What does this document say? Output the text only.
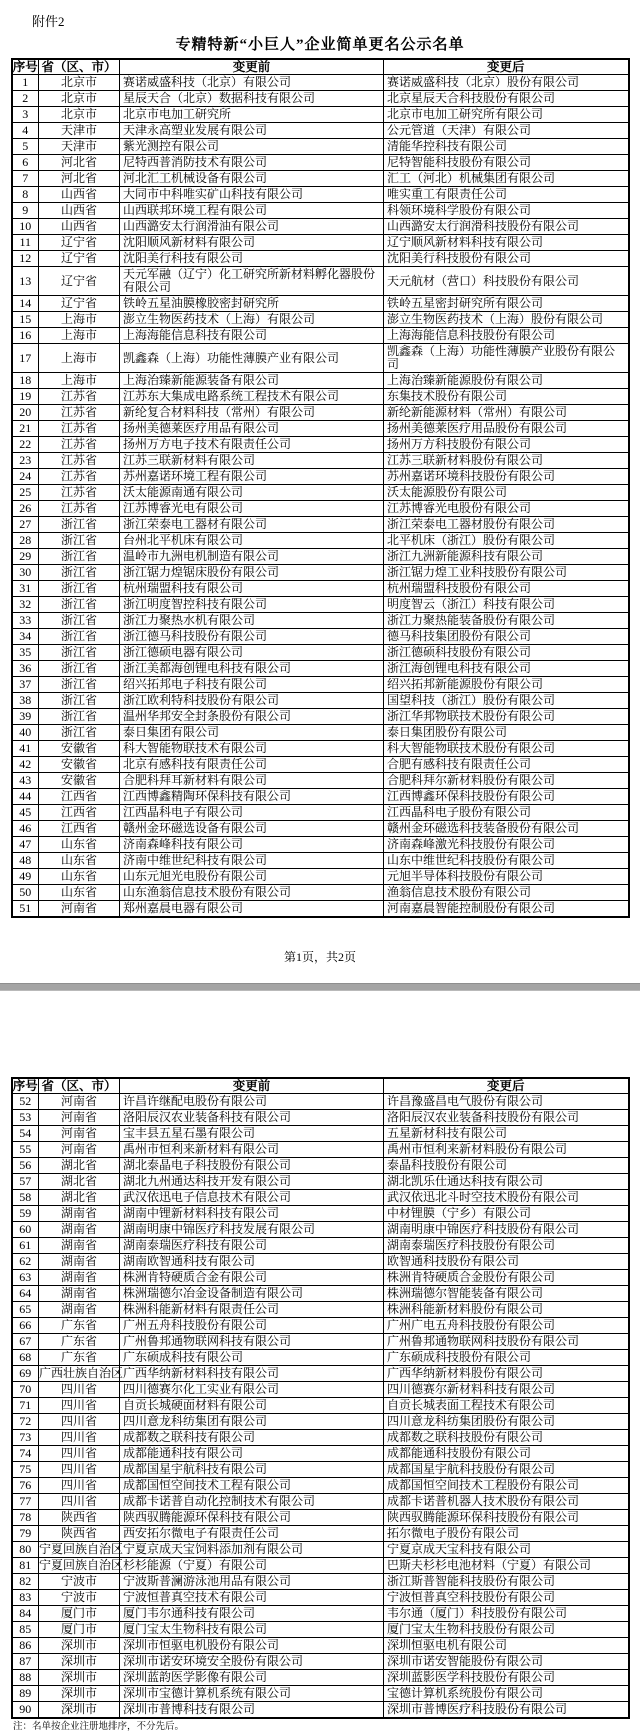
附件2
专精特新“小巨人”企业简单更名公示名单
序号	省（区、市）	变更前	变更后
1	北京市	赛诺威盛科技（北京）有限公司	赛诺威盛科技（北京）股份有限公司
2	北京市	星辰天合（北京）数据科技有限公司	北京星辰天合科技股份有限公司
3	北京市	北京市电加工研究所	北京市电加工研究所有限公司
4	天津市	天津永高塑业发展有限公司	公元管道（天津）有限公司
5	天津市	紫光测控有限公司	清能华控科技有限公司
6	河北省	尼特西普消防技术有限公司	尼特智能科技股份有限公司
7	河北省	河北汇工机械设备有限公司	汇工（河北）机械集团有限公司
8	山西省	大同市中科唯实矿山科技有限公司	唯实重工有限责任公司
9	山西省	山西联邦环境工程有限公司	科领环境科学股份有限公司
10	山西省	山西潞安太行润滑油有限公司	山西潞安太行润滑科技股份有限公司
11	辽宁省	沈阳顺风新材料有限公司	辽宁顺风新材料科技有限公司
12	辽宁省	沈阳美行科技有限公司	沈阳美行科技股份有限公司
13	辽宁省	天元军融（辽宁）化工研究所新材料孵化器股份有限公司	天元航材（营口）科技股份有限公司
14	辽宁省	铁岭五星油膜橡胶密封研究所	铁岭五星密封研究所有限公司
15	上海市	澎立生物医药技术（上海）有限公司	澎立生物医药技术（上海）股份有限公司
16	上海市	上海海能信息科技有限公司	上海海能信息科技股份有限公司
17	上海市	凯鑫森（上海）功能性薄膜产业有限公司	凯鑫森（上海）功能性薄膜产业股份有限公司
18	上海市	上海治臻新能源装备有限公司	上海治臻新能源股份有限公司
19	江苏省	江苏东大集成电路系统工程技术有限公司	东集技术股份有限公司
20	江苏省	新纶复合材料科技（常州）有限公司	新纶新能源材料（常州）有限公司
21	江苏省	扬州美德莱医疗用品有限公司	扬州美德莱医疗用品股份有限公司
22	江苏省	扬州万方电子技术有限责任公司	扬州万方科技股份有限公司
23	江苏省	江苏三联新材料有限公司	江苏三联新材料股份有限公司
24	江苏省	苏州嘉诺环境工程有限公司	苏州嘉诺环境科技股份有限公司
25	江苏省	沃太能源南通有限公司	沃太能源股份有限公司
26	江苏省	江苏博睿光电有限公司	江苏博睿光电股份有限公司
27	浙江省	浙江荣泰电工器材有限公司	浙江荣泰电工器材股份有限公司
28	浙江省	台州北平机床有限公司	北平机床（浙江）股份有限公司
29	浙江省	温岭市九洲电机制造有限公司	浙江九洲新能源科技有限公司
30	浙江省	浙江锯力煌锯床股份有限公司	浙江锯力煌工业科技股份有限公司
31	浙江省	杭州瑞盟科技有限公司	杭州瑞盟科技股份有限公司
32	浙江省	浙江明度智控科技有限公司	明度智云（浙江）科技有限公司
33	浙江省	浙江力聚热水机有限公司	浙江力聚热能装备股份有限公司
34	浙江省	浙江德马科技股份有限公司	德马科技集团股份有限公司
35	浙江省	浙江德硕电器有限公司	浙江德硕科技股份有限公司
36	浙江省	浙江美都海创锂电科技有限公司	浙江海创锂电科技有限公司
37	浙江省	绍兴拓邦电子科技有限公司	绍兴拓邦新能源股份有限公司
38	浙江省	浙江欧利特科技股份有限公司	国望科技（浙江）股份有限公司
39	浙江省	温州华邦安全封条股份有限公司	浙江华邦物联技术股份有限公司
40	浙江省	泰日集团有限公司	泰日集团股份有限公司
41	安徽省	科大智能物联技术有限公司	科大智能物联技术股份有限公司
42	安徽省	北京有感科技有限责任公司	合肥有感科技有限责任公司
43	安徽省	合肥科拜耳新材料有限公司	合肥科拜尔新材料股份有限公司
44	江西省	江西博鑫精陶环保科技有限公司	江西博鑫环保科技股份有限公司
45	江西省	江西晶科电子有限公司	江西晶科电子股份有限公司
46	江西省	赣州金环磁选设备有限公司	赣州金环磁选科技装备股份有限公司
47	山东省	济南森峰科技有限公司	济南森峰激光科技股份有限公司
48	山东省	济南中维世纪科技有限公司	山东中维世纪科技股份有限公司
49	山东省	山东元旭光电股份有限公司	元旭半导体科技股份有限公司
50	山东省	山东渔翁信息技术股份有限公司	渔翁信息技术股份有限公司
51	河南省	郑州嘉晨电器有限公司	河南嘉晨智能控制股份有限公司
第1页，共2页
序号	省（区、市）	变更前	变更后
52	河南省	许昌许继配电股份有限公司	许昌豫盛昌电气股份有限公司
53	河南省	洛阳辰汉农业装备科技有限公司	洛阳辰汉农业装备科技股份有限公司
54	河南省	宝丰县五星石墨有限公司	五星新材科技有限公司
55	河南省	禹州市恒利来新材料有限公司	禹州市恒利来新材料股份有限公司
56	湖北省	湖北泰晶电子科技股份有限公司	泰晶科技股份有限公司
57	湖北省	湖北九州通达科技开发有限公司	湖北凯乐仕通达科技有限公司
58	湖北省	武汉依迅电子信息技术有限公司	武汉依迅北斗时空技术股份有限公司
59	湖南省	湖南中锂新材料科技有限公司	中材锂膜（宁乡）有限公司
60	湖南省	湖南明康中锦医疗科技发展有限公司	湖南明康中锦医疗科技股份有限公司
61	湖南省	湖南泰瑞医疗科技有限公司	湖南泰瑞医疗科技股份有限公司
62	湖南省	湖南欧智通科技有限公司	欧智通科技股份有限公司
63	湖南省	株洲肯特硬质合金有限公司	株洲肯特硬质合金股份有限公司
64	湖南省	株洲瑞德尔冶金设备制造有限公司	株洲瑞德尔智能装备有限公司
65	湖南省	株洲科能新材料有限责任公司	株洲科能新材料股份有限公司
66	广东省	广州五舟科技股份有限公司	广州广电五舟科技股份有限公司
67	广东省	广州鲁邦通物联网科技有限公司	广州鲁邦通物联网科技股份有限公司
68	广东省	广东硕成科技有限公司	广东硕成科技股份有限公司
69	广西壮族自治区	广西华纳新材料科技有限公司	广西华纳新材料股份有限公司
70	四川省	四川德赛尔化工实业有限公司	四川德赛尔新材料科技有限公司
71	四川省	自贡长城硬面材料有限公司	自贡长城表面工程技术有限公司
72	四川省	四川意龙科纺集团有限公司	四川意龙科纺集团股份有限公司
73	四川省	成都数之联科技有限公司	成都数之联科技股份有限公司
74	四川省	成都能通科技有限公司	成都能通科技股份有限公司
75	四川省	成都国星宇航科技有限公司	成都国星宇航科技股份有限公司
76	四川省	成都国恒空间技术工程有限公司	成都国恒空间技术工程股份有限公司
77	四川省	成都卡诺普自动化控制技术有限公司	成都卡诺普机器人技术股份有限公司
78	陕西省	陕西驭腾能源环保科技有限公司	陕西驭腾能源环保科技股份有限公司
79	陕西省	西安拓尔微电子有限责任公司	拓尔微电子股份有限公司
80	宁夏回族自治区	宁夏京成天宝饲料添加剂有限公司	宁夏京成天宝科技有限公司
81	宁夏回族自治区	杉杉能源（宁夏）有限公司	巴斯夫杉杉电池材料（宁夏）有限公司
82	宁波市	宁波斯普澜游泳池用品有限公司	浙江斯普智能科技股份有限公司
83	宁波市	宁波恒普真空技术有限公司	宁波恒普真空科技股份有限公司
84	厦门市	厦门韦尔通科技有限公司	韦尔通（厦门）科技股份有限公司
85	厦门市	厦门宝太生物科技有限公司	厦门宝太生物科技股份有限公司
86	深圳市	深圳市恒驱电机股份有限公司	深圳恒驱电机有限公司
87	深圳市	深圳市诺安环境安全股份有限公司	深圳市诺安智能股份有限公司
88	深圳市	深圳蓝韵医学影像有限公司	深圳蓝影医学科技股份有限公司
89	深圳市	深圳市宝德计算机系统有限公司	宝德计算机系统股份有限公司
90	深圳市	深圳市普博科技有限公司	深圳市普博医疗科技股份有限公司
注：名单按企业注册地排序，不分先后。
